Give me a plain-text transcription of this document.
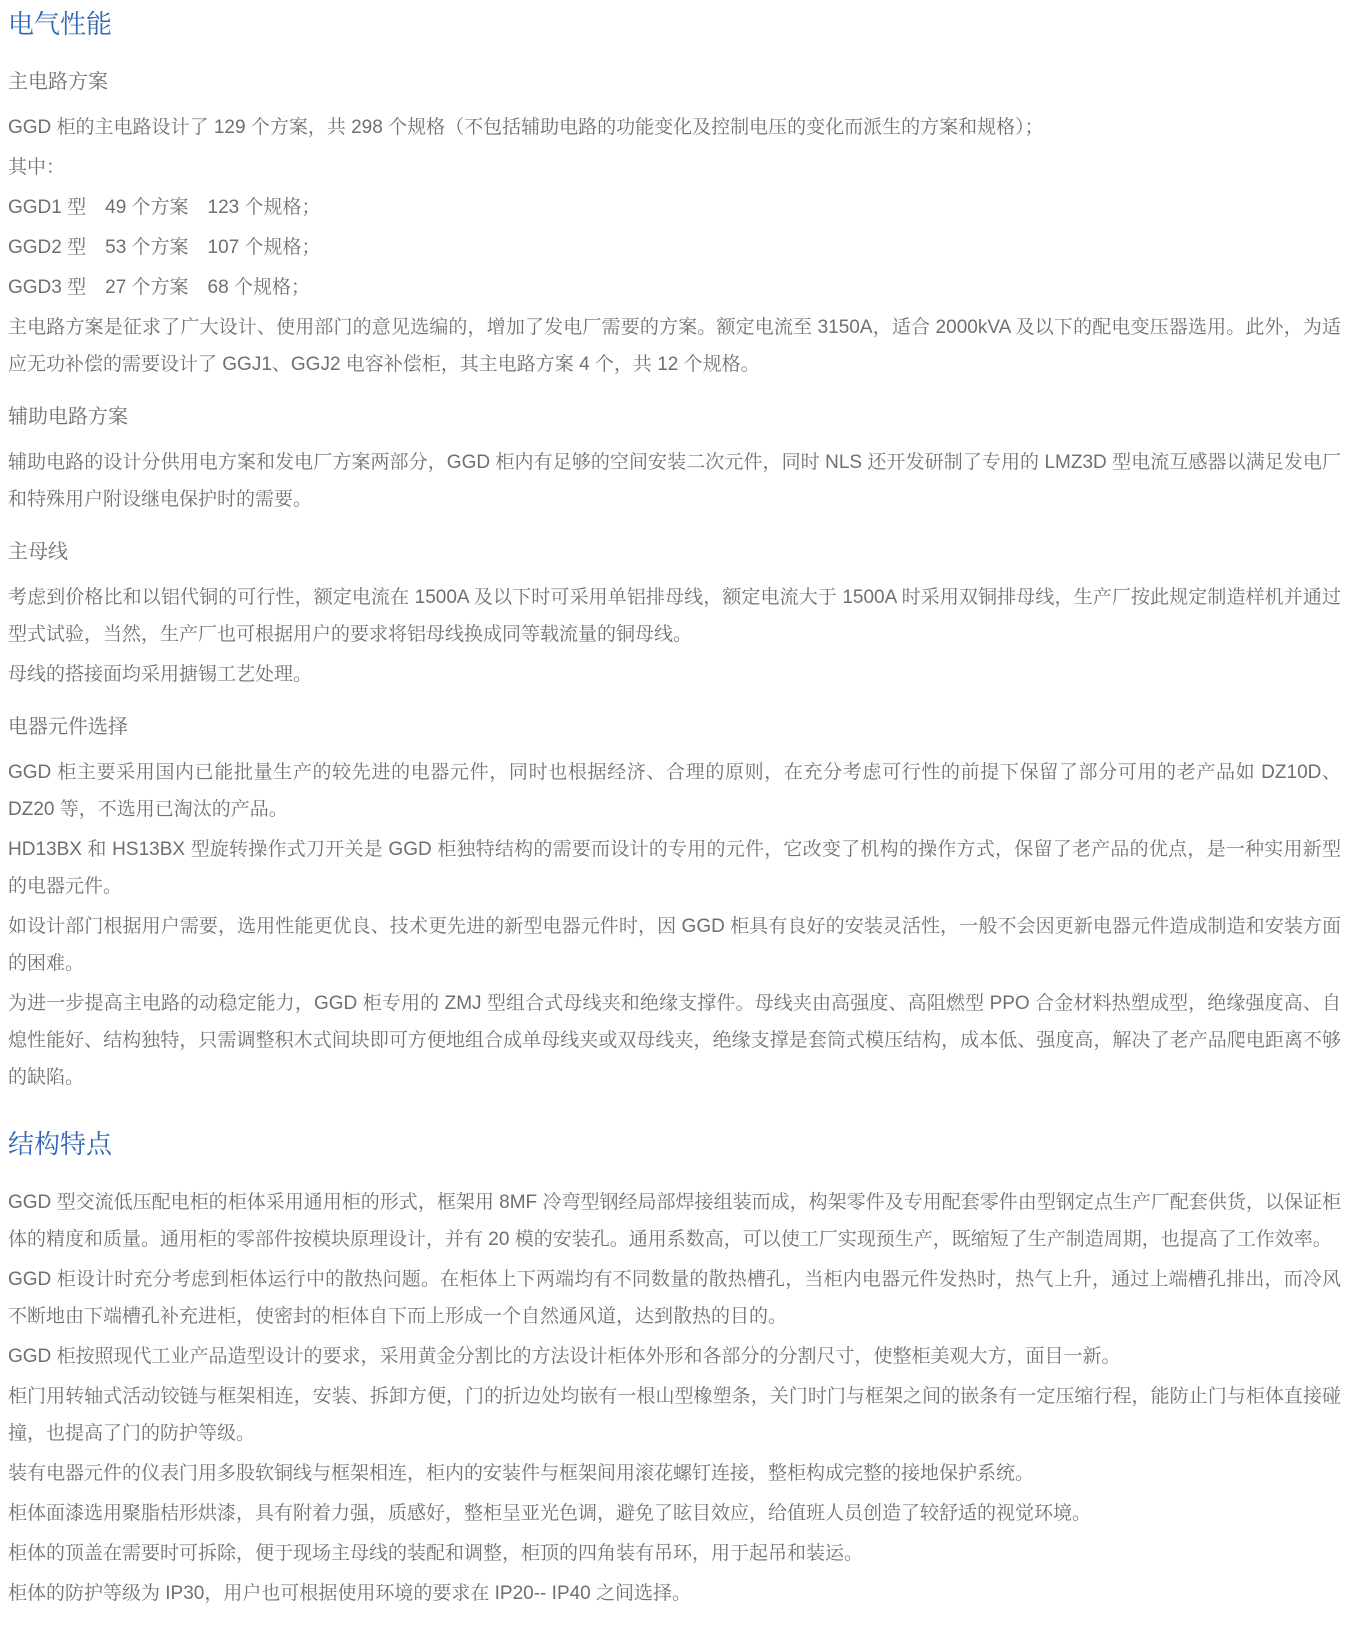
电气性能
主电路方案

GGD 柜的主电路设计了 129 个方案，共 298 个规格（不包括辅助电路的功能变化及控制电压的变化而派生的方案和规格）；

其中：

GGD1 型　49 个方案　123 个规格；

GGD2 型　53 个方案　107 个规格；

GGD3 型　27 个方案　68 个规格；

主电路方案是征求了广大设计、使用部门的意见选编的，增加了发电厂需要的方案。额定电流至 3150A，适合 2000kVA 及以下的配电变压器选用。此外，为适应无功补偿的需要设计了 GGJ1、GGJ2 电容补偿柜，其主电路方案 4 个，共 12 个规格。

辅助电路方案

辅助电路的设计分供用电方案和发电厂方案两部分，GGD 柜内有足够的空间安装二次元件，同时 NLS 还开发研制了专用的 LMZ3D 型电流互感器以满足发电厂和特殊用户附设继电保护时的需要。

主母线

考虑到价格比和以铝代铜的可行性，额定电流在 1500A 及以下时可采用单铝排母线，额定电流大于 1500A 时采用双铜排母线，生产厂按此规定制造样机并通过型式试验，当然，生产厂也可根据用户的要求将铝母线换成同等载流量的铜母线。

母线的搭接面均采用搪锡工艺处理。

电器元件选择

GGD 柜主要采用国内已能批量生产的较先进的电器元件，同时也根据经济、合理的原则，在充分考虑可行性的前提下保留了部分可用的老产品如 DZ10D、DZ20 等，不选用已淘汰的产品。

HD13BX 和 HS13BX 型旋转操作式刀开关是 GGD 柜独特结构的需要而设计的专用的元件，它改变了机构的操作方式，保留了老产品的优点，是一种实用新型的电器元件。

如设计部门根据用户需要，选用性能更优良、技术更先进的新型电器元件时，因 GGD 柜具有良好的安装灵活性，一般不会因更新电器元件造成制造和安装方面的困难。

为进一步提高主电路的动稳定能力，GGD 柜专用的 ZMJ 型组合式母线夹和绝缘支撑件。母线夹由高强度、高阻燃型 PPO 合金材料热塑成型，绝缘强度高、自熄性能好、结构独特，只需调整积木式间块即可方便地组合成单母线夹或双母线夹，绝缘支撑是套筒式模压结构，成本低、强度高，解决了老产品爬电距离不够的缺陷。

结构特点

GGD 型交流低压配电柜的柜体采用通用柜的形式，框架用 8MF 冷弯型钢经局部焊接组装而成，构架零件及专用配套零件由型钢定点生产厂配套供货，以保证柜体的精度和质量。通用柜的零部件按模块原理设计，并有 20 模的安装孔。通用系数高，可以使工厂实现预生产，既缩短了生产制造周期，也提高了工作效率。

GGD 柜设计时充分考虑到柜体运行中的散热问题。在柜体上下两端均有不同数量的散热槽孔，当柜内电器元件发热时，热气上升，通过上端槽孔排出，而冷风不断地由下端槽孔补充进柜，使密封的柜体自下而上形成一个自然通风道，达到散热的目的。

GGD 柜按照现代工业产品造型设计的要求，采用黄金分割比的方法设计柜体外形和各部分的分割尺寸，使整柜美观大方，面目一新。

柜门用转轴式活动铰链与框架相连，安装、拆卸方便，门的折边处均嵌有一根山型橡塑条，关门时门与框架之间的嵌条有一定压缩行程，能防止门与柜体直接碰撞，也提高了门的防护等级。

装有电器元件的仪表门用多股软铜线与框架相连，柜内的安装件与框架间用滚花螺钉连接，整柜构成完整的接地保护系统。

柜体面漆选用聚脂桔形烘漆，具有附着力强，质感好，整柜呈亚光色调，避免了眩目效应，给值班人员创造了较舒适的视觉环境。

柜体的顶盖在需要时可拆除，便于现场主母线的装配和调整，柜顶的四角装有吊环，用于起吊和装运。

柜体的防护等级为 IP30，用户也可根据使用环境的要求在 IP20-- IP40 之间选择。
